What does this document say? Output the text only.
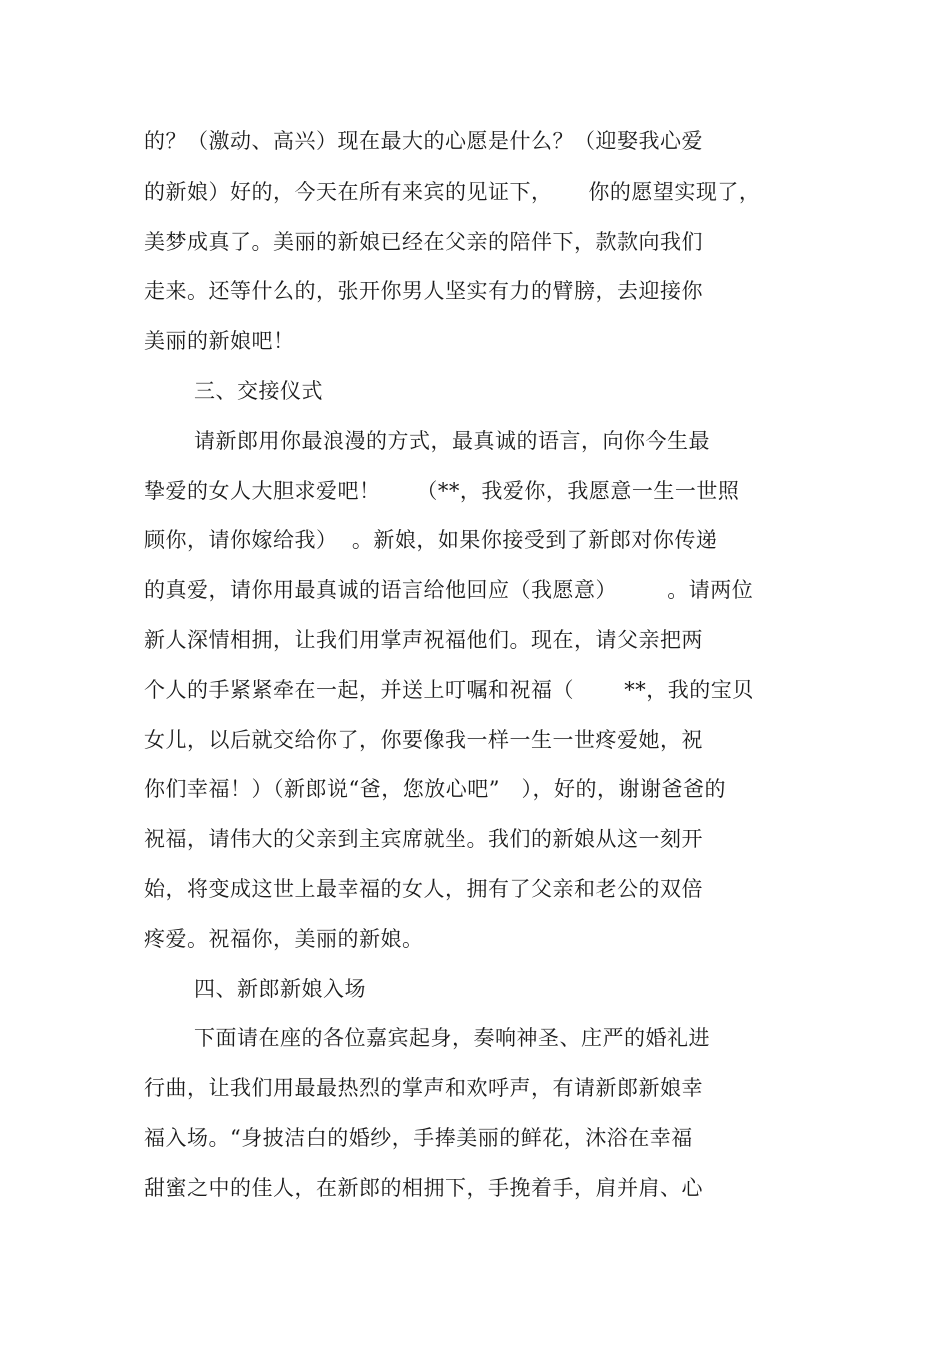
的？（激动、高兴）现在最大的心愿是什么？（迎娶我心爱
的新娘）好的，今天在所有来宾的见证下，     你的愿望实现了，
美梦成真了。美丽的新娘已经在父亲的陪伴下，款款向我们
走来。还等什么的，张开你男人坚实有力的臂膀，去迎接你
美丽的新娘吧！
三、交接仪式
请新郎用你最浪漫的方式，最真诚的语言，向你今生最
挚爱的女人大胆求爱吧！     （**，我爱你，我愿意一生一世照
顾你，请你嫁给我）  。新娘，如果你接受到了新郎对你传递
的真爱，请你用最真诚的语言给他回应（我愿意）       。请两位
新人深情相拥，让我们用掌声祝福他们。现在，请父亲把两
个人的手紧紧牵在一起，并送上叮嘱和祝福（       **，我的宝贝
女儿，以后就交给你了，你要像我一样一生一世疼爱她，祝
你们幸福！）（新郎说“爸，您放心吧”   ），好的，谢谢爸爸的
祝福，请伟大的父亲到主宾席就坐。我们的新娘从这一刻开
始，将变成这世上最幸福的女人，拥有了父亲和老公的双倍
疼爱。祝福你，美丽的新娘。
四、新郎新娘入场
下面请在座的各位嘉宾起身，奏响神圣、庄严的婚礼进
行曲，让我们用最最热烈的掌声和欢呼声，有请新郎新娘幸
福入场。“身披洁白的婚纱，手捧美丽的鲜花，沐浴在幸福
甜蜜之中的佳人，在新郎的相拥下，手挽着手，肩并肩、心
